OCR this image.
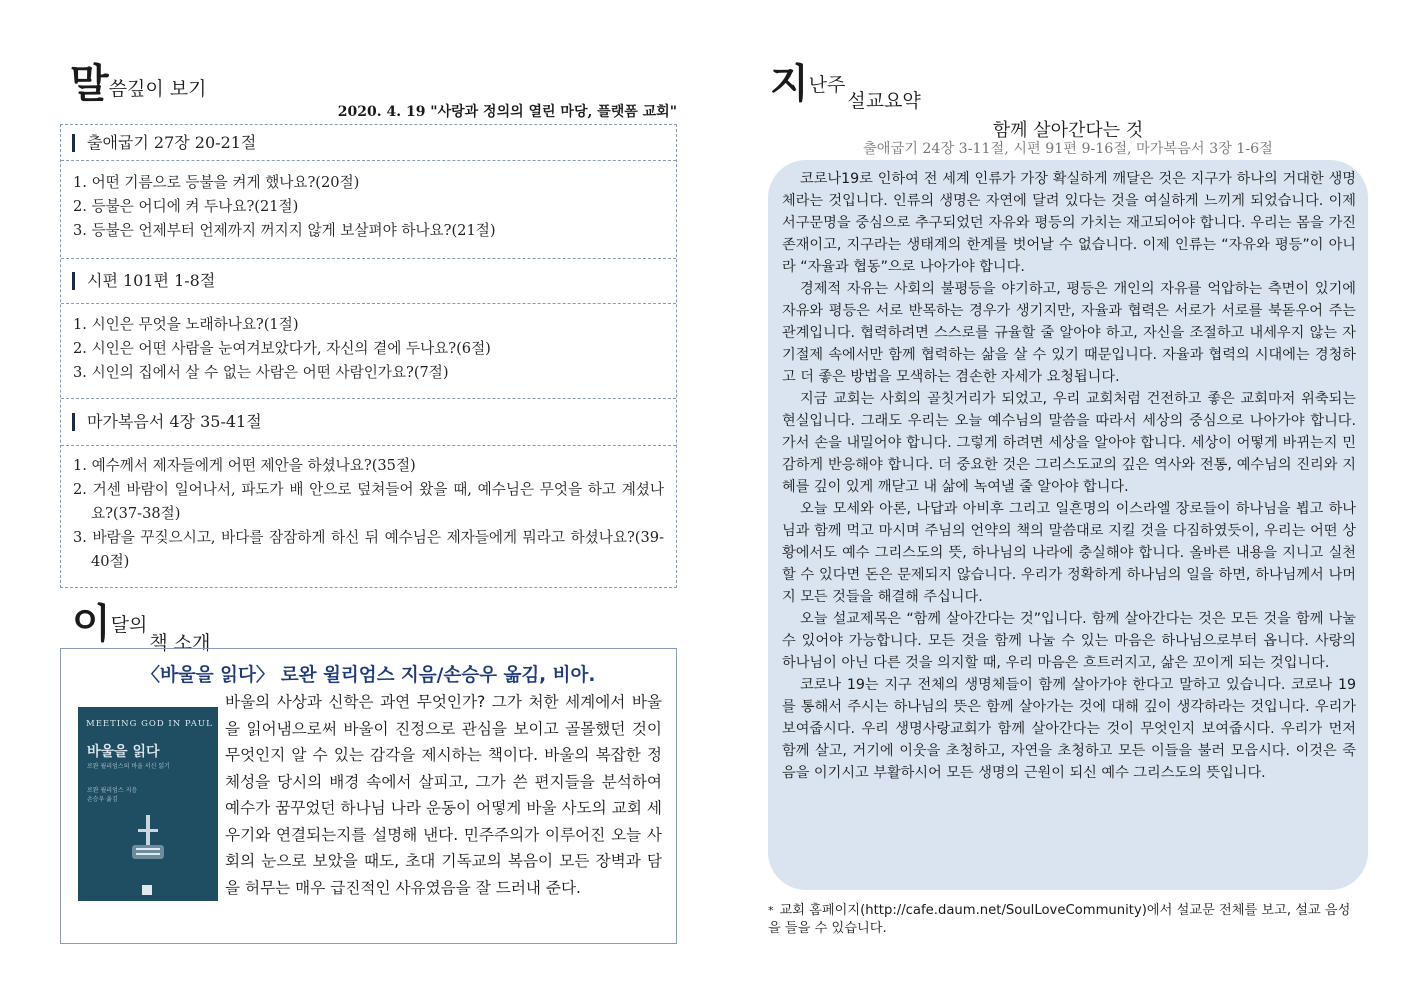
말씀깊이 보기
2020. 4. 19 "사랑과 정의의 열린 마당, 플랫폼 교회"
출애굽기 27장 20-21절
1. 어떤 기름으로 등불을 켜게 했나요?(20절)
2. 등불은 어디에 켜 두나요?(21절)
3. 등불은 언제부터 언제까지 꺼지지 않게 보살펴야 하나요?(21절)
시편 101편 1-8절
1. 시인은 무엇을 노래하나요?(1절)
2. 시인은 어떤 사람을 눈여겨보았다가, 자신의 곁에 두나요?(6절)
3. 시인의 집에서 살 수 없는 사람은 어떤 사람인가요?(7절)
마가복음서 4장 35-41절
1. 예수께서 제자들에게 어떤 제안을 하셨나요?(35절)
2. 거센 바람이 일어나서, 파도가 배 안으로 덮쳐들어 왔을 때, 예수님은 무엇을 하고 계셨나요?(37-38절)
3. 바람을 꾸짖으시고, 바다를 잠잠하게 하신 뒤 예수님은 제자들에게 뭐라고 하셨나요?(39-40절)
이달의책 소개
〈바울을 읽다〉 로완 윌리엄스 지음/손승우 옮김, 비아.
바울의 사상과 신학은 과연 무엇인가? 그가 처한 세계에서 바울을 읽어냄으로써 바울이 진정으로 관심을 보이고 골몰했던 것이 무엇인지 알 수 있는 감각을 제시하는 책이다. 바울의 복잡한 정체성을 당시의 배경 속에서 살피고, 그가 쓴 편지들을 분석하여 예수가 꿈꾸었던 하나님 나라 운동이 어떻게 바울 사도의 교회 세우기와 연결되는지를 설명해 낸다. 민주주의가 이루어진 오늘 사회의 눈으로 보았을 때도, 초대 기독교의 복음이 모든 장벽과 담을 허무는 매우 급진적인 사유였음을 잘 드러내 준다.
MEETING GOD IN PAUL
바울을 읽다
로완 윌리엄스의 바울 서신 읽기
로완 윌리엄스 지음
손승우 옮김
지난주설교요약
함께 살아간다는 것
출애굽기 24장 3-11절, 시편 91편 9-16절, 마가복음서 3장 1-6절

코로나19로 인하여 전 세계 인류가 가장 확실하게 깨달은 것은 지구가 하나의 거대한 생명체라는 것입니다. 인류의 생명은 자연에 달려 있다는 것을 여실하게 느끼게 되었습니다. 이제 서구문명을 중심으로 추구되었던 자유와 평등의 가치는 재고되어야 합니다. 우리는 몸을 가진 존재이고, 지구라는 생태계의 한계를 벗어날 수 없습니다. 이제 인류는 “자유와 평등”이 아니라 “자율과 협동”으로 나아가야 합니다.

경제적 자유는 사회의 불평등을 야기하고, 평등은 개인의 자유를 억압하는 측면이 있기에 자유와 평등은 서로 반목하는 경우가 생기지만, 자율과 협력은 서로가 서로를 북돋우어 주는 관계입니다. 협력하려면 스스로를 규율할 줄 알아야 하고, 자신을 조절하고 내세우지 않는 자기절제 속에서만 함께 협력하는 삶을 살 수 있기 때문입니다. 자율과 협력의 시대에는 경청하고 더 좋은 방법을 모색하는 겸손한 자세가 요청됩니다.

지금 교회는 사회의 골칫거리가 되었고, 우리 교회처럼 건전하고 좋은 교회마저 위축되는 현실입니다. 그래도 우리는 오늘 예수님의 말씀을 따라서 세상의 중심으로 나아가야 합니다. 가서 손을 내밀어야 합니다. 그렇게 하려면 세상을 알아야 합니다. 세상이 어떻게 바뀌는지 민감하게 반응해야 합니다. 더 중요한 것은 그리스도교의 깊은 역사와 전통, 예수님의 진리와 지혜를 깊이 있게 깨닫고 내 삶에 녹여낼 줄 알아야 합니다.

오늘 모세와 아론, 나답과 아비후 그리고 일흔명의 이스라엘 장로들이 하나님을 뵙고 하나님과 함께 먹고 마시며 주님의 언약의 책의 말씀대로 지킬 것을 다짐하였듯이, 우리는 어떤 상황에서도 예수 그리스도의 뜻, 하나님의 나라에 충실해야 합니다. 올바른 내용을 지니고 실천할 수 있다면 돈은 문제되지 않습니다. 우리가 정확하게 하나님의 일을 하면, 하나님께서 나머지 모든 것들을 해결해 주십니다.

오늘 설교제목은 “함께 살아간다는 것”입니다. 함께 살아간다는 것은 모든 것을 함께 나눌 수 있어야 가능합니다. 모든 것을 함께 나눌 수 있는 마음은 하나님으로부터 옵니다. 사랑의 하나님이 아닌 다른 것을 의지할 때, 우리 마음은 흐트러지고, 삶은 꼬이게 되는 것입니다.

코로나 19는 지구 전체의 생명체들이 함께 살아가야 한다고 말하고 있습니다. 코로나 19를 통해서 주시는 하나님의 뜻은 함께 살아가는 것에 대해 깊이 생각하라는 것입니다. 우리가 보여줍시다. 우리 생명사랑교회가 함께 살아간다는 것이 무엇인지 보여줍시다. 우리가 먼저 함께 살고, 거기에 이웃을 초청하고, 자연을 초청하고 모든 이들을 불러 모읍시다. 이것은 죽음을 이기시고 부활하시어 모든 생명의 근원이 되신 예수 그리스도의 뜻입니다.

* 교회 홈페이지(http://cafe.daum.net/SoulLoveCommunity)에서 설교문 전체를 보고, 설교 음성을 들을 수 있습니다.
